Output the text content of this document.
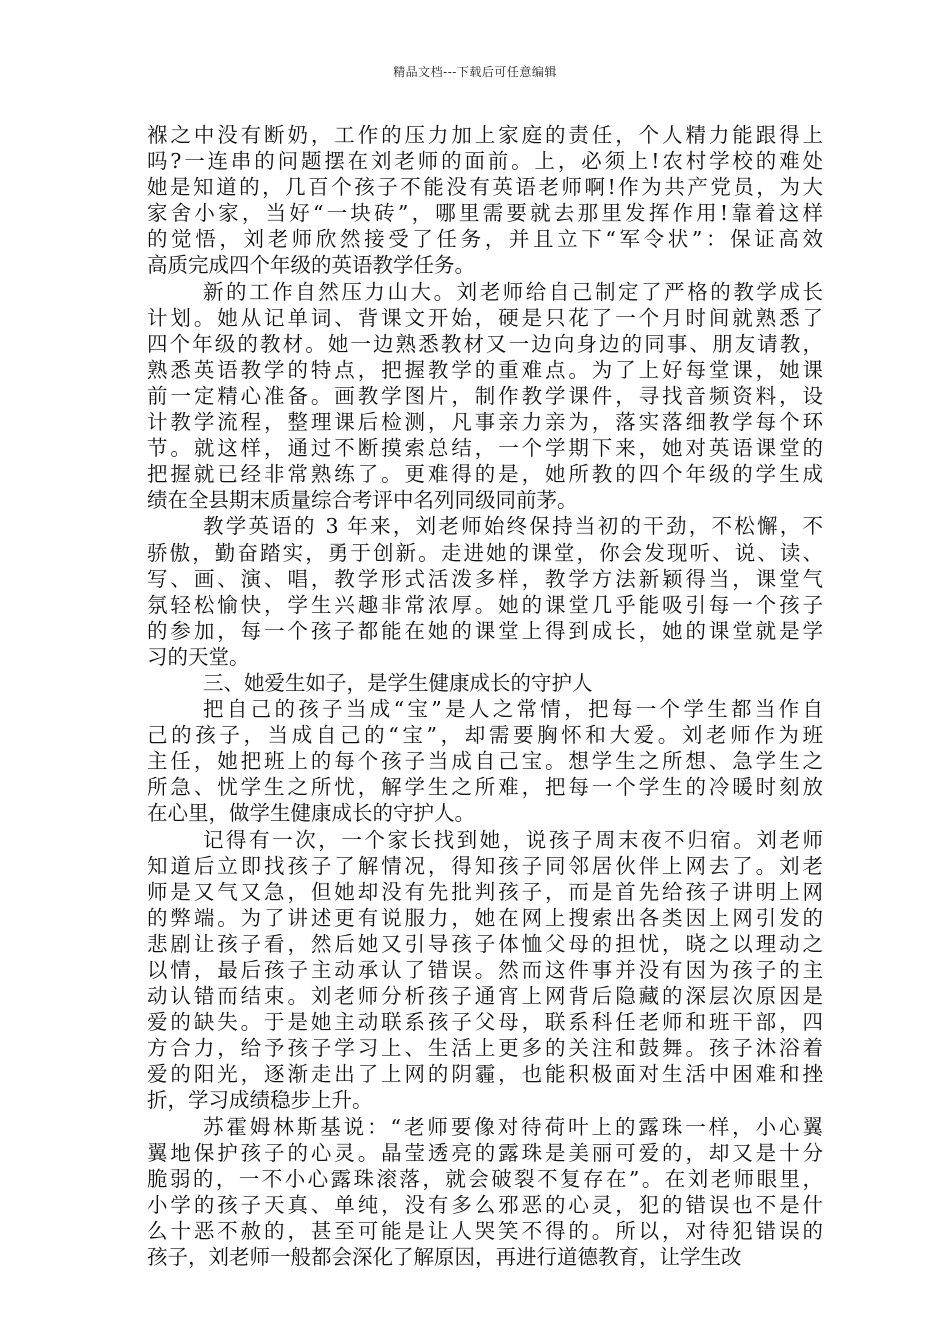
精品文档---下载后可任意编辑
褓之中没有断奶，工作的压力加上家庭的责任，个人精力能跟得上
吗?一连串的问题摆在刘老师的面前。上，必须上!农村学校的难处
她是知道的，几百个孩子不能没有英语老师啊!作为共产党员，为大
家舍小家，当好“一块砖”，哪里需要就去那里发挥作用!靠着这样
的觉悟，刘老师欣然接受了任务，并且立下“军令状”：保证高效
高质完成四个年级的英语教学任务。
新的工作自然压力山大。刘老师给自己制定了严格的教学成长
计划。她从记单词、背课文开始，硬是只花了一个月时间就熟悉了
四个年级的教材。她一边熟悉教材又一边向身边的同事、朋友请教，
熟悉英语教学的特点，把握教学的重难点。为了上好每堂课，她课
前一定精心准备。画教学图片，制作教学课件，寻找音频资料，设
计教学流程，整理课后检测，凡事亲力亲为，落实落细教学每个环
节。就这样，通过不断摸索总结，一个学期下来，她对英语课堂的
把握就已经非常熟练了。更难得的是，她所教的四个年级的学生成
绩在全县期末质量综合考评中名列同级同前茅。
教学英语的 3 年来，刘老师始终保持当初的干劲，不松懈，不
骄傲，勤奋踏实，勇于创新。走进她的课堂，你会发现听、说、读、
写、画、演、唱，教学形式活泼多样，教学方法新颖得当，课堂气
氛轻松愉快，学生兴趣非常浓厚。她的课堂几乎能吸引每一个孩子
的参加，每一个孩子都能在她的课堂上得到成长，她的课堂就是学
习的天堂。
三、她爱生如子，是学生健康成长的守护人
把自己的孩子当成“宝”是人之常情，把每一个学生都当作自
己的孩子，当成自己的“宝”，却需要胸怀和大爱。刘老师作为班
主任，她把班上的每个孩子当成自己宝。想学生之所想、急学生之
所急、忧学生之所忧，解学生之所难，把每一个学生的冷暖时刻放
在心里，做学生健康成长的守护人。
记得有一次，一个家长找到她，说孩子周末夜不归宿。刘老师
知道后立即找孩子了解情况，得知孩子同邻居伙伴上网去了。刘老
师是又气又急，但她却没有先批判孩子，而是首先给孩子讲明上网
的弊端。为了讲述更有说服力，她在网上搜索出各类因上网引发的
悲剧让孩子看，然后她又引导孩子体恤父母的担忧，晓之以理动之
以情，最后孩子主动承认了错误。然而这件事并没有因为孩子的主
动认错而结束。刘老师分析孩子通宵上网背后隐藏的深层次原因是
爱的缺失。于是她主动联系孩子父母，联系科任老师和班干部，四
方合力，给予孩子学习上、生活上更多的关注和鼓舞。孩子沐浴着
爱的阳光，逐渐走出了上网的阴霾，也能积极面对生活中困难和挫
折，学习成绩稳步上升。
苏霍姆林斯基说：“老师要像对待荷叶上的露珠一样，小心翼
翼地保护孩子的心灵。晶莹透亮的露珠是美丽可爱的，却又是十分
脆弱的，一不小心露珠滚落，就会破裂不复存在”。在刘老师眼里，
小学的孩子天真、单纯，没有多么邪恶的心灵，犯的错误也不是什
么十恶不赦的，甚至可能是让人哭笑不得的。所以，对待犯错误的
孩子，刘老师一般都会深化了解原因，再进行道德教育，让学生改
